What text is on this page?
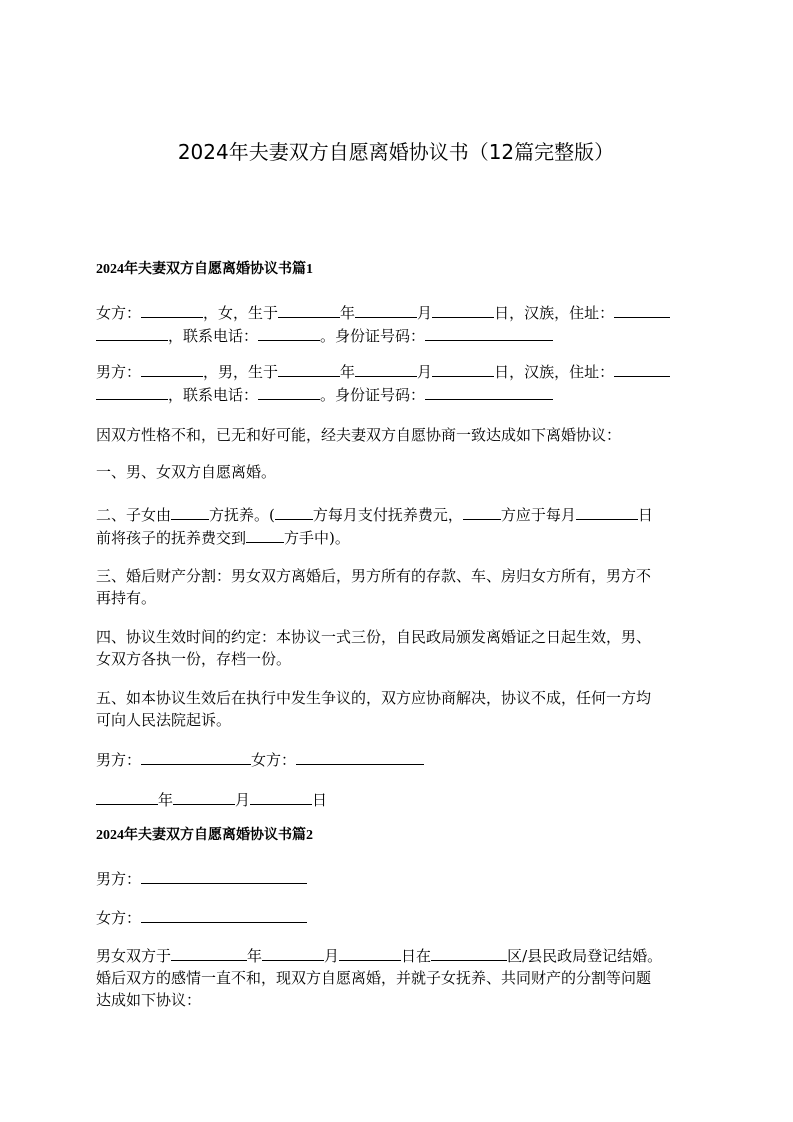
2024年夫妻双方自愿离婚协议书（12篇完整版）

2024年夫妻双方自愿离婚协议书篇1

女方：	，女，生于	年	月	日，汉族，住址：
，联系电话：	。身份证号码：

男方：	，男，生于	年	月	日，汉族，住址：
，联系电话：	。身份证号码：

因双方性格不和，已无和好可能，经夫妻双方自愿协商一致达成如下离婚协议：

一、男、女双方自愿离婚。

二、子女由	方抚养。(	方每月支付抚养费元，	方应于每月	日
前将孩子的抚养费交到	方手中)。

三、婚后财产分割：男女双方离婚后，男方所有的存款、车、房归女方所有，男方不
再持有。

四、协议生效时间的约定：本协议一式三份，自民政局颁发离婚证之日起生效，男、
女双方各执一份，存档一份。

五、如本协议生效后在执行中发生争议的，双方应协商解决，协议不成，任何一方均
可向人民法院起诉。

男方：	女方：

年	月	日

2024年夫妻双方自愿离婚协议书篇2

男方：

女方：

男女双方于	年	月	日在	区/县民政局登记结婚。
婚后双方的感情一直不和，现双方自愿离婚，并就子女抚养、共同财产的分割等问题
达成如下协议：
